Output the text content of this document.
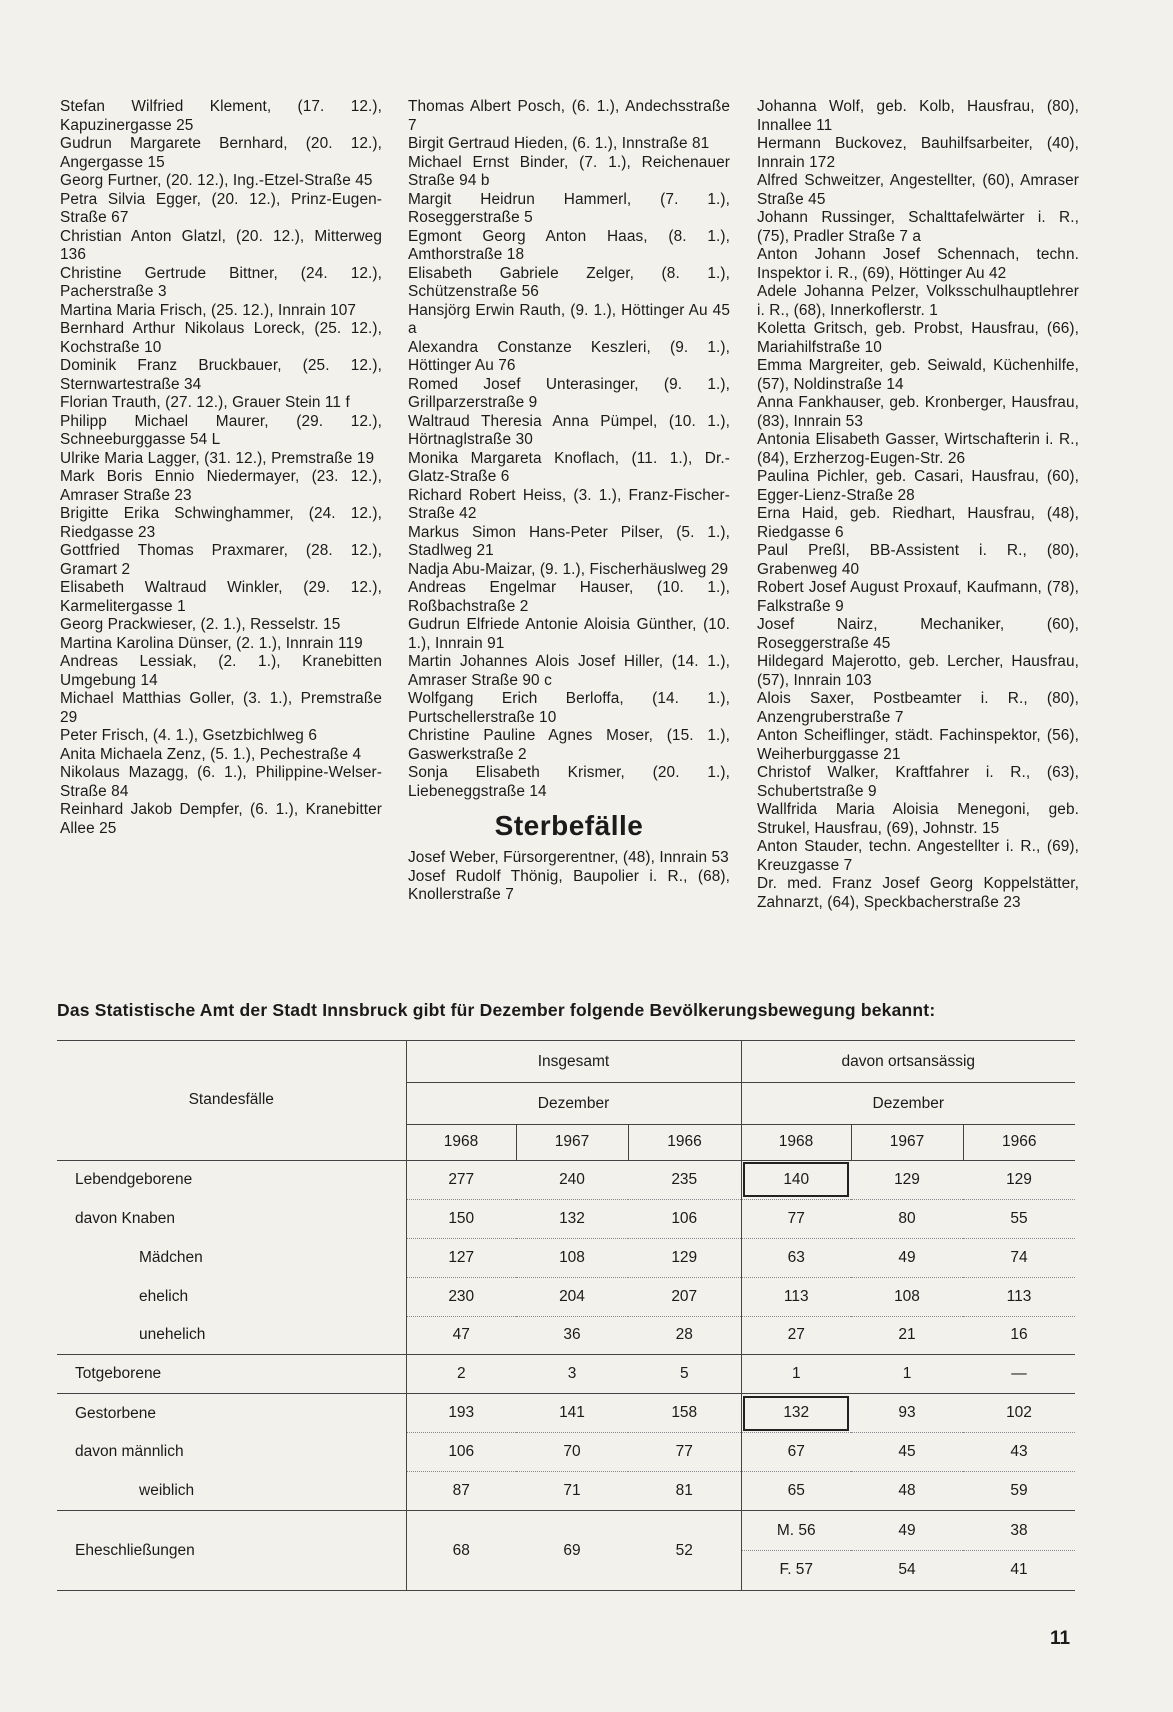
Stefan Wilfried Klement, (17. 12.), Kapuzinergasse 25

Gudrun Margarete Bernhard, (20. 12.), Angergasse 15

Georg Furtner, (20. 12.), Ing.-Etzel-Straße 45

Petra Silvia Egger, (20. 12.), Prinz-Eugen-Straße 67

Christian Anton Glatzl, (20. 12.), Mitterweg 136

Christine Gertrude Bittner, (24. 12.), Pacherstraße 3

Martina Maria Frisch, (25. 12.), Innrain 107

Bernhard Arthur Nikolaus Loreck, (25. 12.), Kochstraße 10

Dominik Franz Bruckbauer, (25. 12.), Sternwartestraße 34

Florian Trauth, (27. 12.), Grauer Stein 11 f

Philipp Michael Maurer, (29. 12.), Schneeburggasse 54 L

Ulrike Maria Lagger, (31. 12.), Premstraße 19

Mark Boris Ennio Niedermayer, (23. 12.), Amraser Straße 23

Brigitte Erika Schwinghammer, (24. 12.), Riedgasse 23

Gottfried Thomas Praxmarer, (28. 12.), Gramart 2

Elisabeth Waltraud Winkler, (29. 12.), Karmelitergasse 1

Georg Prackwieser, (2. 1.), Resselstr. 15

Martina Karolina Dünser, (2. 1.), Innrain 119

Andreas Lessiak, (2. 1.), Kranebitten Umgebung 14

Michael Matthias Goller, (3. 1.), Premstraße 29

Peter Frisch, (4. 1.), Gsetzbichlweg 6

Anita Michaela Zenz, (5. 1.), Pechestraße 4

Nikolaus Mazagg, (6. 1.), Philippine-Welser-Straße 84

Reinhard Jakob Dempfer, (6. 1.), Kranebitter Allee 25

Thomas Albert Posch, (6. 1.), Andechsstraße 7

Birgit Gertraud Hieden, (6. 1.), Innstraße 81

Michael Ernst Binder, (7. 1.), Reichenauer Straße 94 b

Margit Heidrun Hammerl, (7. 1.), Roseggerstraße 5

Egmont Georg Anton Haas, (8. 1.), Amthorstraße 18

Elisabeth Gabriele Zelger, (8. 1.), Schützenstraße 56

Hansjörg Erwin Rauth, (9. 1.), Höttinger Au 45 a

Alexandra Constanze Keszleri, (9. 1.), Höttinger Au 76

Romed Josef Unterasinger, (9. 1.), Grillparzerstraße 9

Waltraud Theresia Anna Pümpel, (10. 1.), Hörtnaglstraße 30

Monika Margareta Knoflach, (11. 1.), Dr.-Glatz-Straße 6

Richard Robert Heiss, (3. 1.), Franz-Fischer-Straße 42

Markus Simon Hans-Peter Pilser, (5. 1.), Stadlweg 21

Nadja Abu-Maizar, (9. 1.), Fischerhäuslweg 29

Andreas Engelmar Hauser, (10. 1.), Roßbachstraße 2

Gudrun Elfriede Antonie Aloisia Günther, (10. 1.), Innrain 91

Martin Johannes Alois Josef Hiller, (14. 1.), Amraser Straße 90 c

Wolfgang Erich Berloffa, (14. 1.), Purtschellerstraße 10

Christine Pauline Agnes Moser, (15. 1.), Gaswerkstraße 2

Sonja Elisabeth Krismer, (20. 1.), Liebeneggstraße 14

Sterbefälle

Josef Weber, Fürsorgerentner, (48), Innrain 53

Josef Rudolf Thönig, Baupolier i. R., (68), Knollerstraße 7

Johanna Wolf, geb. Kolb, Hausfrau, (80), Innallee 11

Hermann Buckovez, Bauhilfsarbeiter, (40), Innrain 172

Alfred Schweitzer, Angestellter, (60), Amraser Straße 45

Johann Russinger, Schalttafelwärter i. R., (75), Pradler Straße 7 a

Anton Johann Josef Schennach, techn. Inspektor i. R., (69), Höttinger Au 42

Adele Johanna Pelzer, Volksschulhauptlehrer i. R., (68), Innerkoflerstr. 1

Koletta Gritsch, geb. Probst, Hausfrau, (66), Mariahilfstraße 10

Emma Margreiter, geb. Seiwald, Küchenhilfe, (57), Noldinstraße 14

Anna Fankhauser, geb. Kronberger, Hausfrau, (83), Innrain 53

Antonia Elisabeth Gasser, Wirtschafterin i. R., (84), Erzherzog-Eugen-Str. 26

Paulina Pichler, geb. Casari, Hausfrau, (60), Egger-Lienz-Straße 28

Erna Haid, geb. Riedhart, Hausfrau, (48), Riedgasse 6

Paul Preßl, BB-Assistent i. R., (80), Grabenweg 40

Robert Josef August Proxauf, Kaufmann, (78), Falkstraße 9

Josef Nairz, Mechaniker, (60), Roseggerstraße 45

Hildegard Majerotto, geb. Lercher, Hausfrau, (57), Innrain 103

Alois Saxer, Postbeamter i. R., (80), Anzengruberstraße 7

Anton Scheiflinger, städt. Fachinspektor, (56), Weiherburggasse 21

Christof Walker, Kraftfahrer i. R., (63), Schubertstraße 9

Wallfrida Maria Aloisia Menegoni, geb. Strukel, Hausfrau, (69), Johnstr. 15

Anton Stauder, techn. Angestellter i. R., (69), Kreuzgasse 7

Dr. med. Franz Josef Georg Koppelstätter, Zahnarzt, (64), Speckbacherstraße 23

Das Statistische Amt der Stadt Innsbruck gibt für Dezember folgende Bevölkerungsbewegung bekannt:
Standesfälle	Insgesamt			davon ortsansässig		
	Dezember			Dezember		
	1968	1967	1966	1968	1967	1966
Lebendgeborene	277	240	235	140	129	129
davon Knaben	150	132	106	77	80	55
Mädchen	127	108	129	63	49	74
ehelich	230	204	207	113	108	113
unehelich	47	36	28	27	21	16
Totgeborene	2	3	5	1	1	—
Gestorbene	193	141	158	132	93	102
davon männlich	106	70	77	67	45	43
weiblich	87	71	81	65	48	59
Eheschließungen	68	69	52	M. 56	49	38
				F. 57	54	41
11
